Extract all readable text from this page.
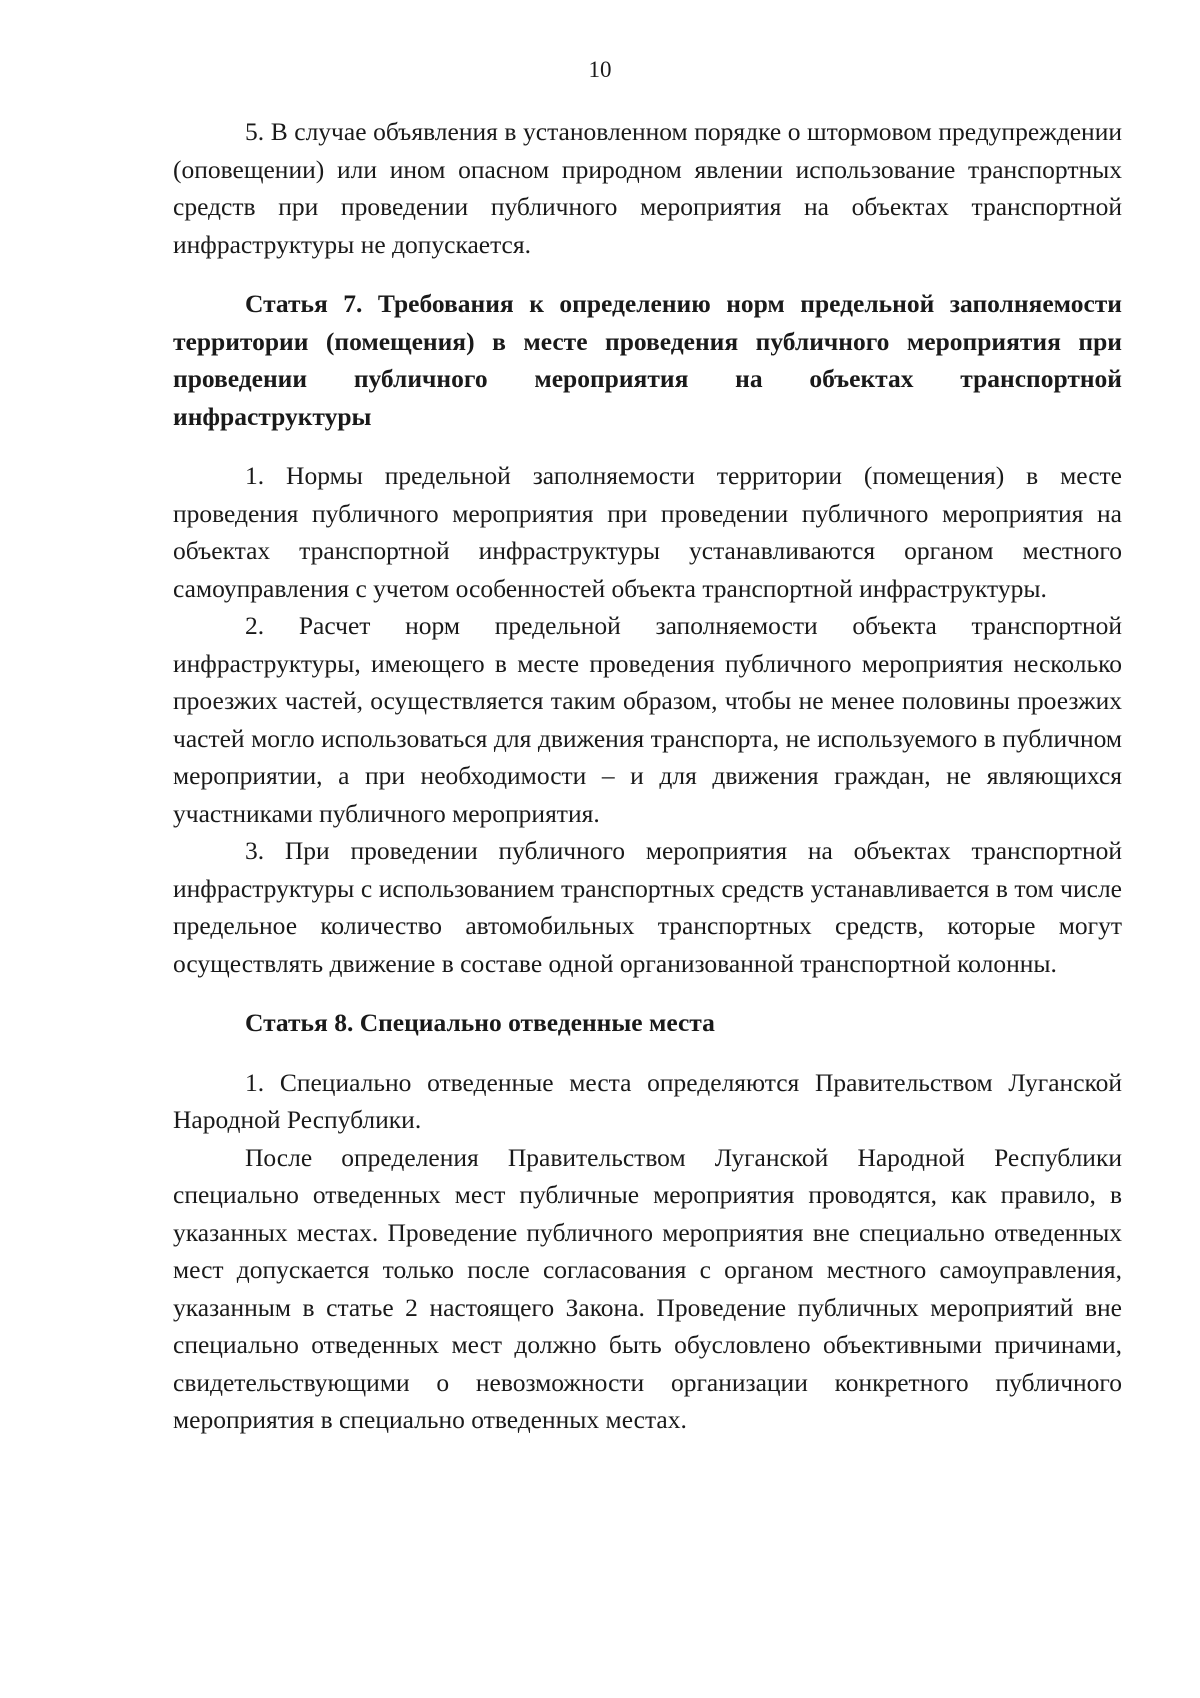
10

5. В случае объявления в установленном порядке о штормовом предупреждении (оповещении) или ином опасном природном явлении использование транспортных средств при проведении публичного мероприятия на объектах транспортной инфраструктуры не допускается.

Статья 7. Требования к определению норм предельной заполняемости территории (помещения) в месте проведения публичного мероприятия при проведении публичного мероприятия на объектах транспортной инфраструктуры

1. Нормы предельной заполняемости территории (помещения) в месте проведения публичного мероприятия при проведении публичного мероприятия на объектах транспортной инфраструктуры устанавливаются органом местного самоуправления с учетом особенностей объекта транспортной инфраструктуры.

2. Расчет норм предельной заполняемости объекта транспортной инфраструктуры, имеющего в месте проведения публичного мероприятия несколько проезжих частей, осуществляется таким образом, чтобы не менее половины проезжих частей могло использоваться для движения транспорта, не используемого в публичном мероприятии, а при необходимости – и для движения граждан, не являющихся участниками публичного мероприятия.

3. При проведении публичного мероприятия на объектах транспортной инфраструктуры с использованием транспортных средств устанавливается в том числе предельное количество автомобильных транспортных средств, которые могут осуществлять движение в составе одной организованной транспортной колонны.

Статья 8. Специально отведенные места

1. Специально отведенные места определяются Правительством Луганской Народной Республики.

После определения Правительством Луганской Народной Республики специально отведенных мест публичные мероприятия проводятся, как правило, в указанных местах. Проведение публичного мероприятия вне специально отведенных мест допускается только после согласования с органом местного самоуправления, указанным в статье 2 настоящего Закона. Проведение публичных мероприятий вне специально отведенных мест должно быть обусловлено объективными причинами, свидетельствующими о невозможности организации конкретного публичного мероприятия в специально отведенных местах.
